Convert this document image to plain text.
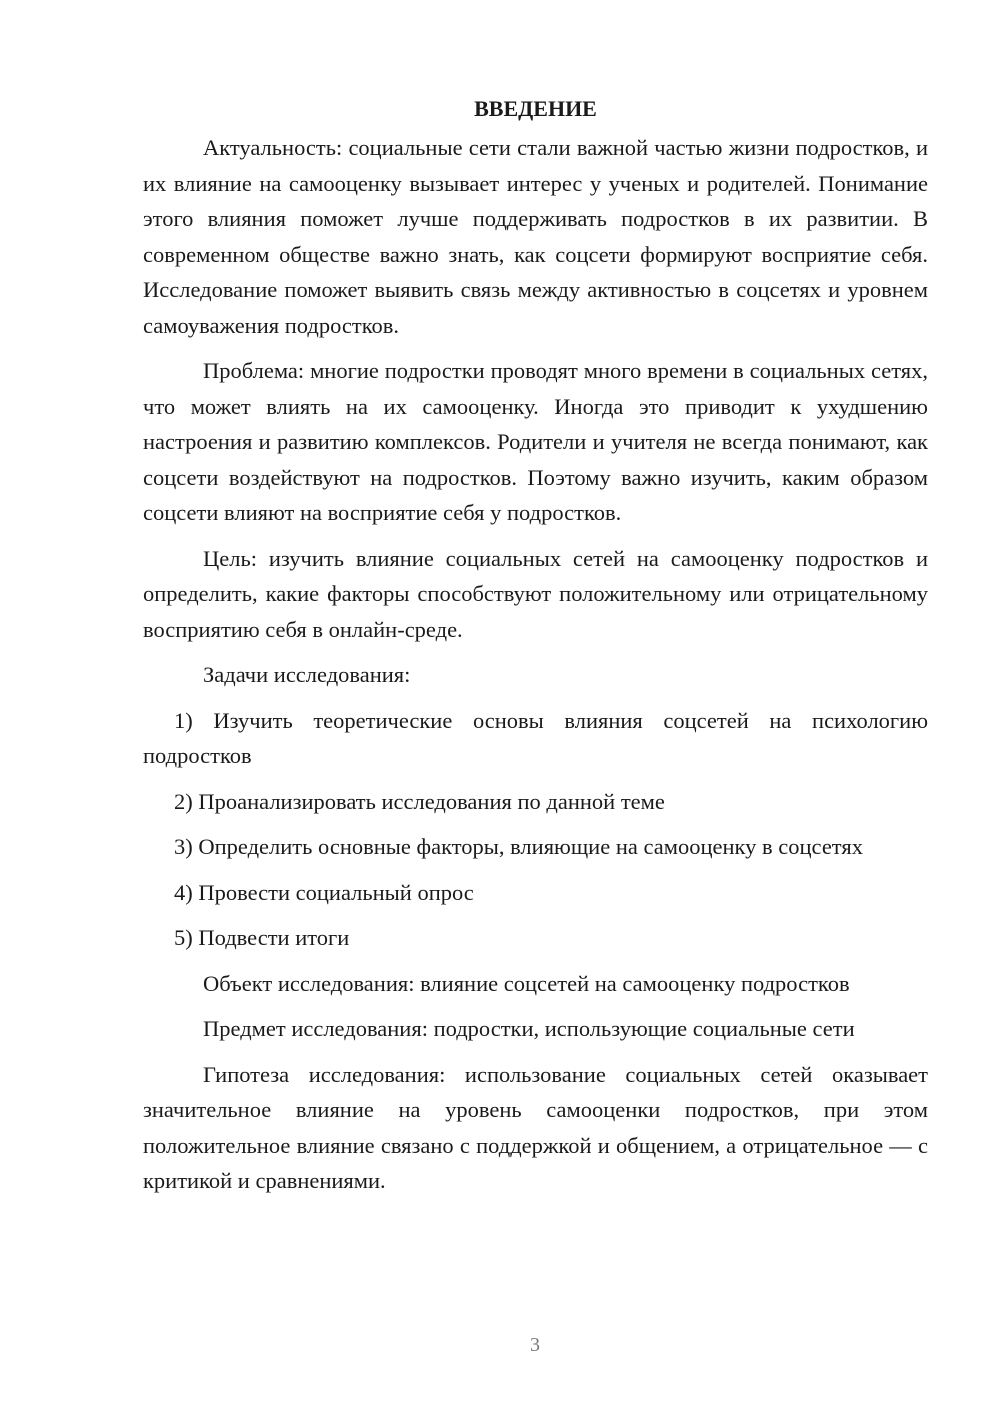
ВВЕДЕНИЕ

Актуальность: социальные сети стали важной частью жизни подростков, и их влияние на самооценку вызывает интерес у ученых и родителей. Понимание этого влияния поможет лучше поддерживать подростков в их развитии. В современном обществе важно знать, как соцсети формируют восприятие себя. Исследование поможет выявить связь между активностью в соцсетях и уровнем самоуважения подростков.

Проблема: многие подростки проводят много времени в социальных сетях, что может влиять на их самооценку. Иногда это приводит к ухудшению настроения и развитию комплексов. Родители и учителя не всегда понимают, как соцсети воздействуют на подростков. Поэтому важно изучить, каким образом соцсети влияют на восприятие себя у подростков.

Цель: изучить влияние социальных сетей на самооценку подростков и определить, какие факторы способствуют положительному или отрицательному восприятию себя в онлайн-среде.

Задачи исследования:

1) Изучить теоретические основы влияния соцсетей на психологию подростков

2) Проанализировать исследования по данной теме

3) Определить основные факторы, влияющие на самооценку в соцсетях

4) Провести социальный опрос

5) Подвести итоги

Объект исследования: влияние соцсетей на самооценку подростков

Предмет исследования: подростки, использующие социальные сети

Гипотеза исследования: использование социальных сетей оказывает значительное влияние на уровень самооценки подростков, при этом положительное влияние связано с поддержкой и общением, а отрицательное — с критикой и сравнениями.

3
